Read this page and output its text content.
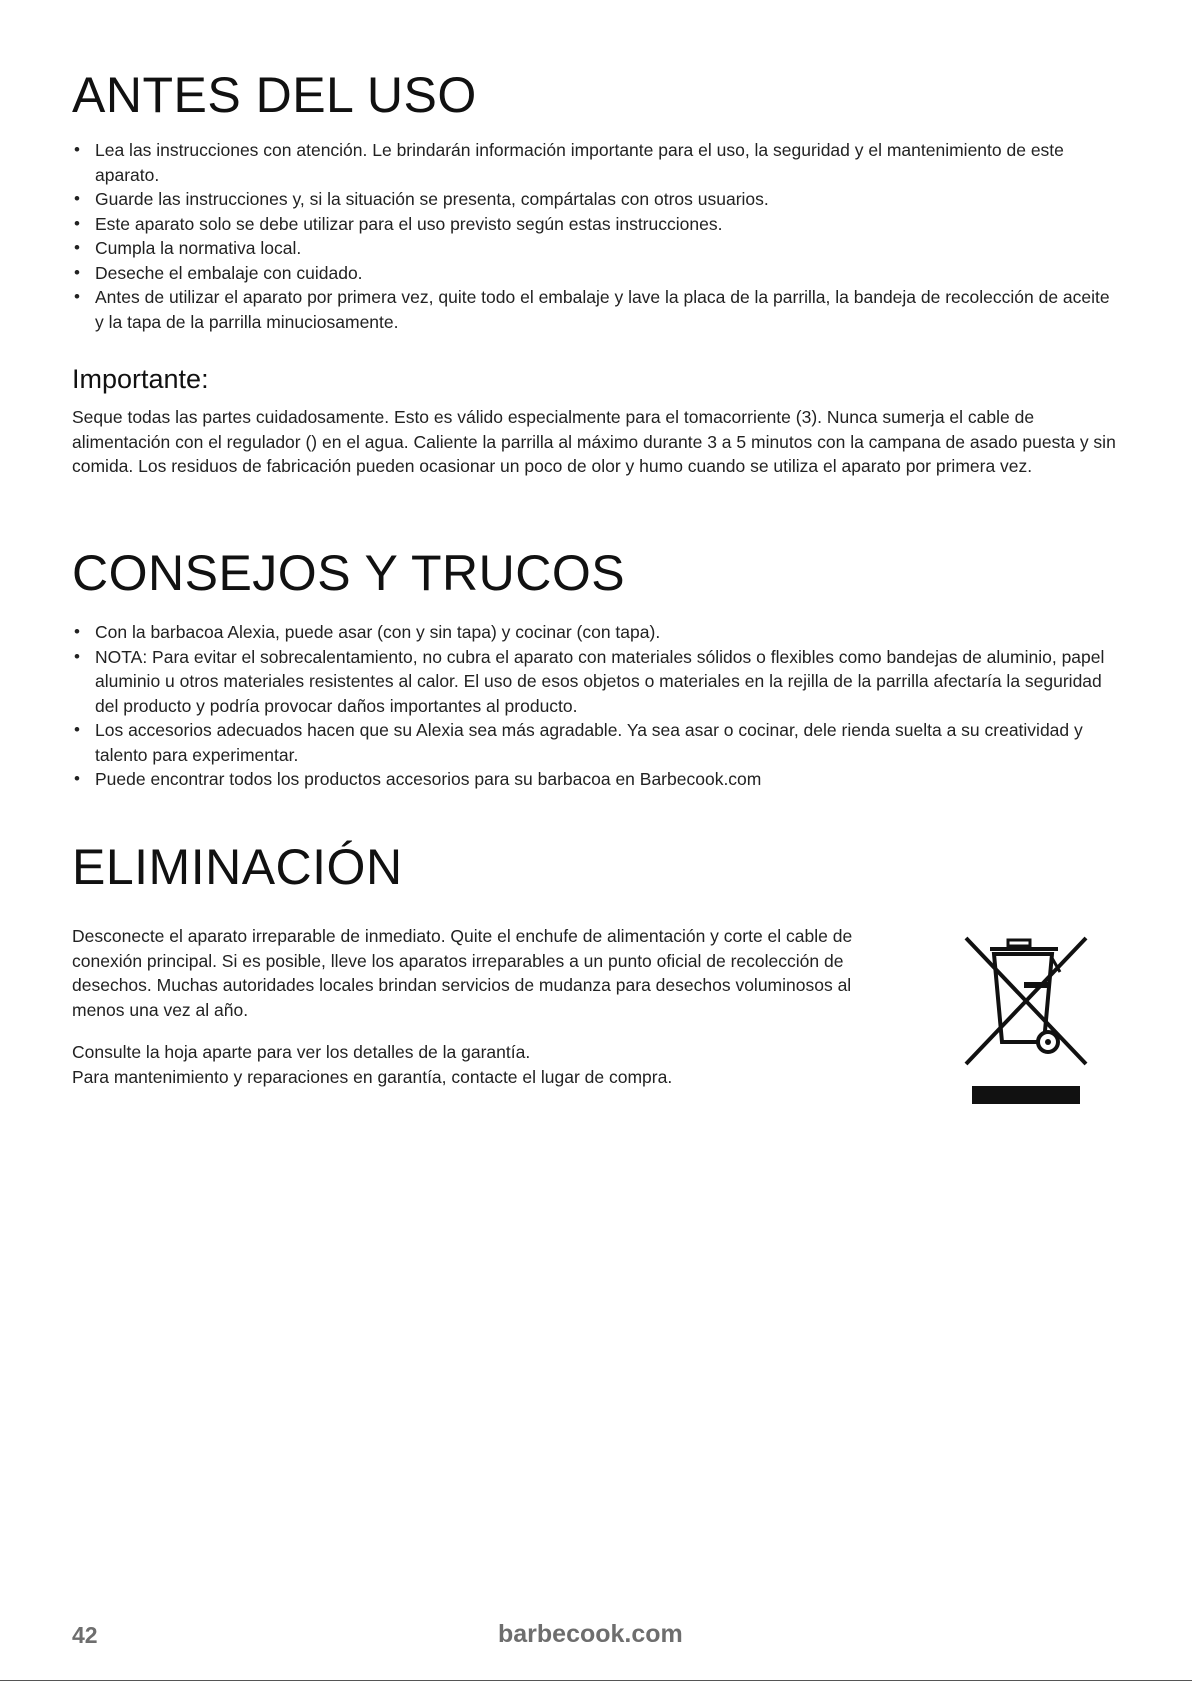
ANTES DEL USO
• Lea las instrucciones con atención. Le brindarán información importante para el uso, la seguridad y el mantenimiento de este aparato.
• Guarde las instrucciones y, si la situación se presenta, compártalas con otros usuarios.
• Este aparato solo se debe utilizar para el uso previsto según estas instrucciones.
• Cumpla la normativa local.
• Deseche el embalaje con cuidado.
• Antes de utilizar el aparato por primera vez, quite todo el embalaje y lave la placa de la parrilla, la bandeja de recolección de aceite y la tapa de la parrilla minuciosamente.
Importante:

Seque todas las partes cuidadosamente. Esto es válido especialmente para el tomacorriente (3). Nunca sumerja el cable de alimentación con el regulador () en el agua. Caliente la parrilla al máximo durante 3 a 5 minutos con la campana de asado puesta y sin comida. Los residuos de fabricación pueden ocasionar un poco de olor y humo cuando se utiliza el aparato por primera vez.

CONSEJOS Y TRUCOS
• Con la barbacoa Alexia, puede asar (con y sin tapa) y cocinar (con tapa).
• NOTA: Para evitar el sobrecalentamiento, no cubra el aparato con materiales sólidos o flexibles como bandejas de aluminio, papel aluminio u otros materiales resistentes al calor. El uso de esos objetos o materiales en la rejilla de la parrilla afectaría la seguridad del producto y podría provocar daños importantes al producto.
• Los accesorios adecuados hacen que su Alexia sea más agradable. Ya sea asar o cocinar, dele rienda suelta a su creatividad y talento para experimentar.
• Puede encontrar todos los productos accesorios para su barbacoa en Barbecook.com
ELIMINACIÓN

Desconecte el aparato irreparable de inmediato. Quite el enchufe de alimentación y corte el cable de conexión principal. Si es posible, lleve los aparatos irreparables a un punto oficial de recolección de desechos. Muchas autoridades locales brindan servicios de mudanza para desechos voluminosos al menos una vez al año.

Consulte la hoja aparte para ver los detalles de la garantía.
Para mantenimiento y reparaciones en garantía, contacte el lugar de compra.

42	barbecook.com
